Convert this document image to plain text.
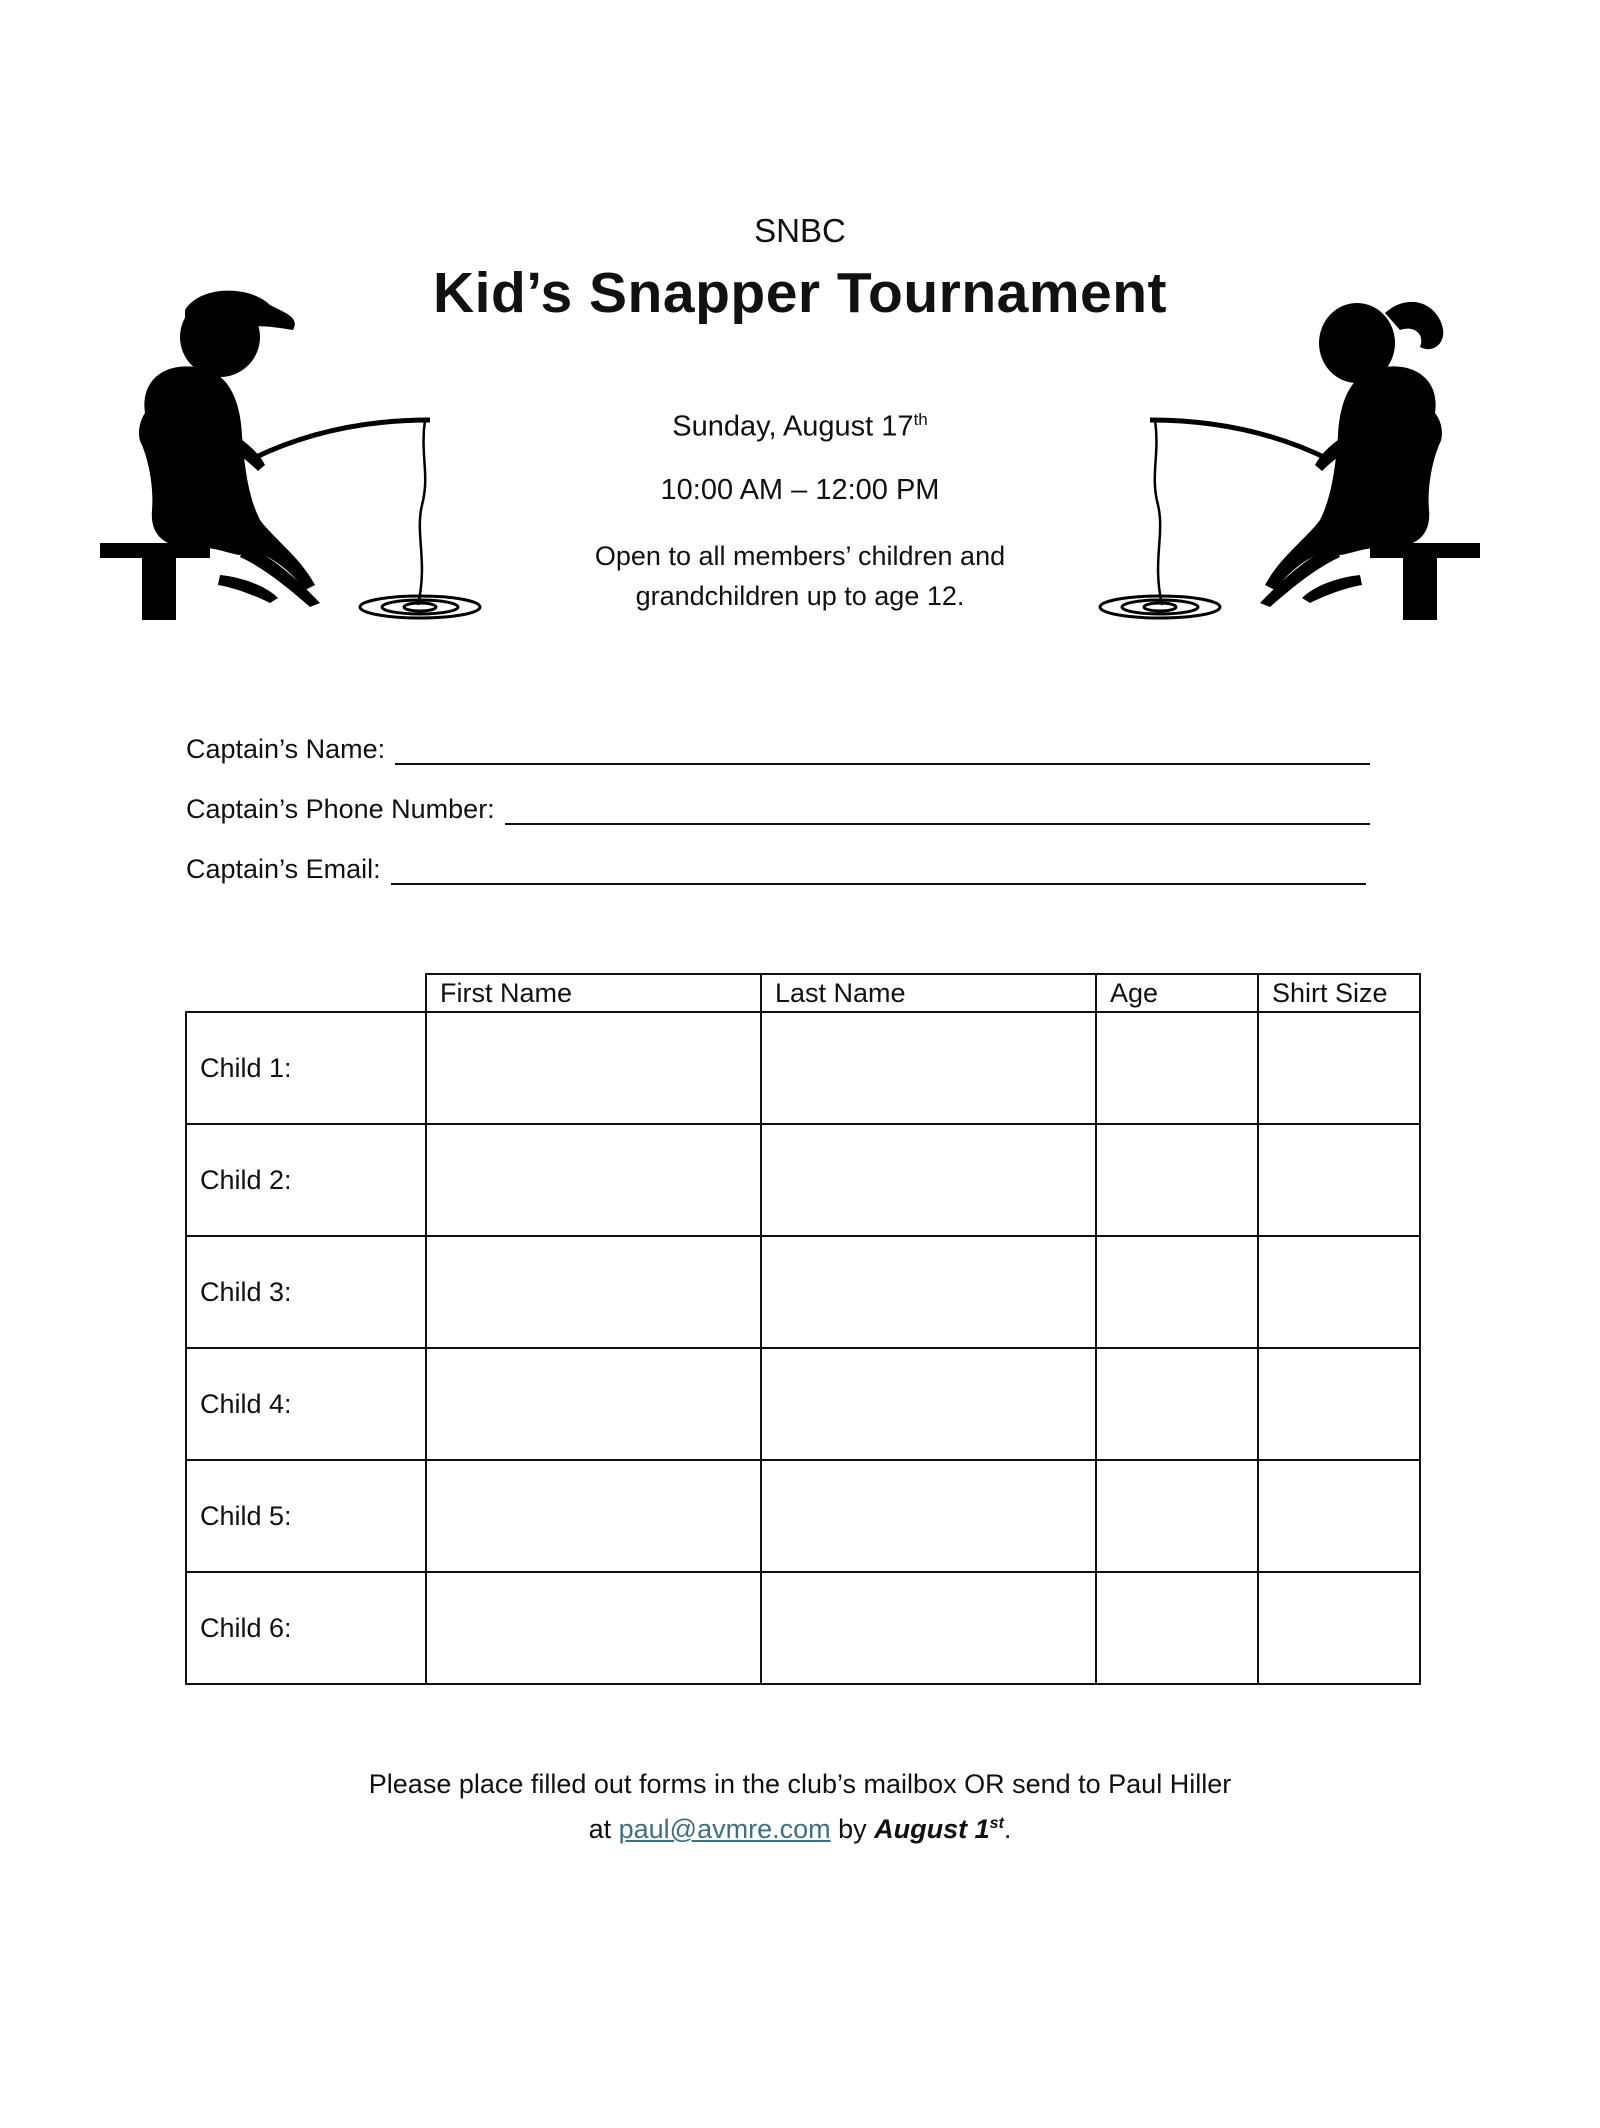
SNBC
Kid’s Snapper Tournament
Sunday, August 17th
10:00 AM – 12:00 PM
Open to all members’ children and
grandchildren up to age 12.
Captain’s Name:
Captain’s Phone Number:
Captain’s Email:
	First Name	Last Name	Age	Shirt Size
Child 1:				
Child 2:				
Child 3:				
Child 4:				
Child 5:				
Child 6:				
Please place filled out forms in the club’s mailbox OR send to Paul Hiller
at paul@avmre.com by August 1st.
